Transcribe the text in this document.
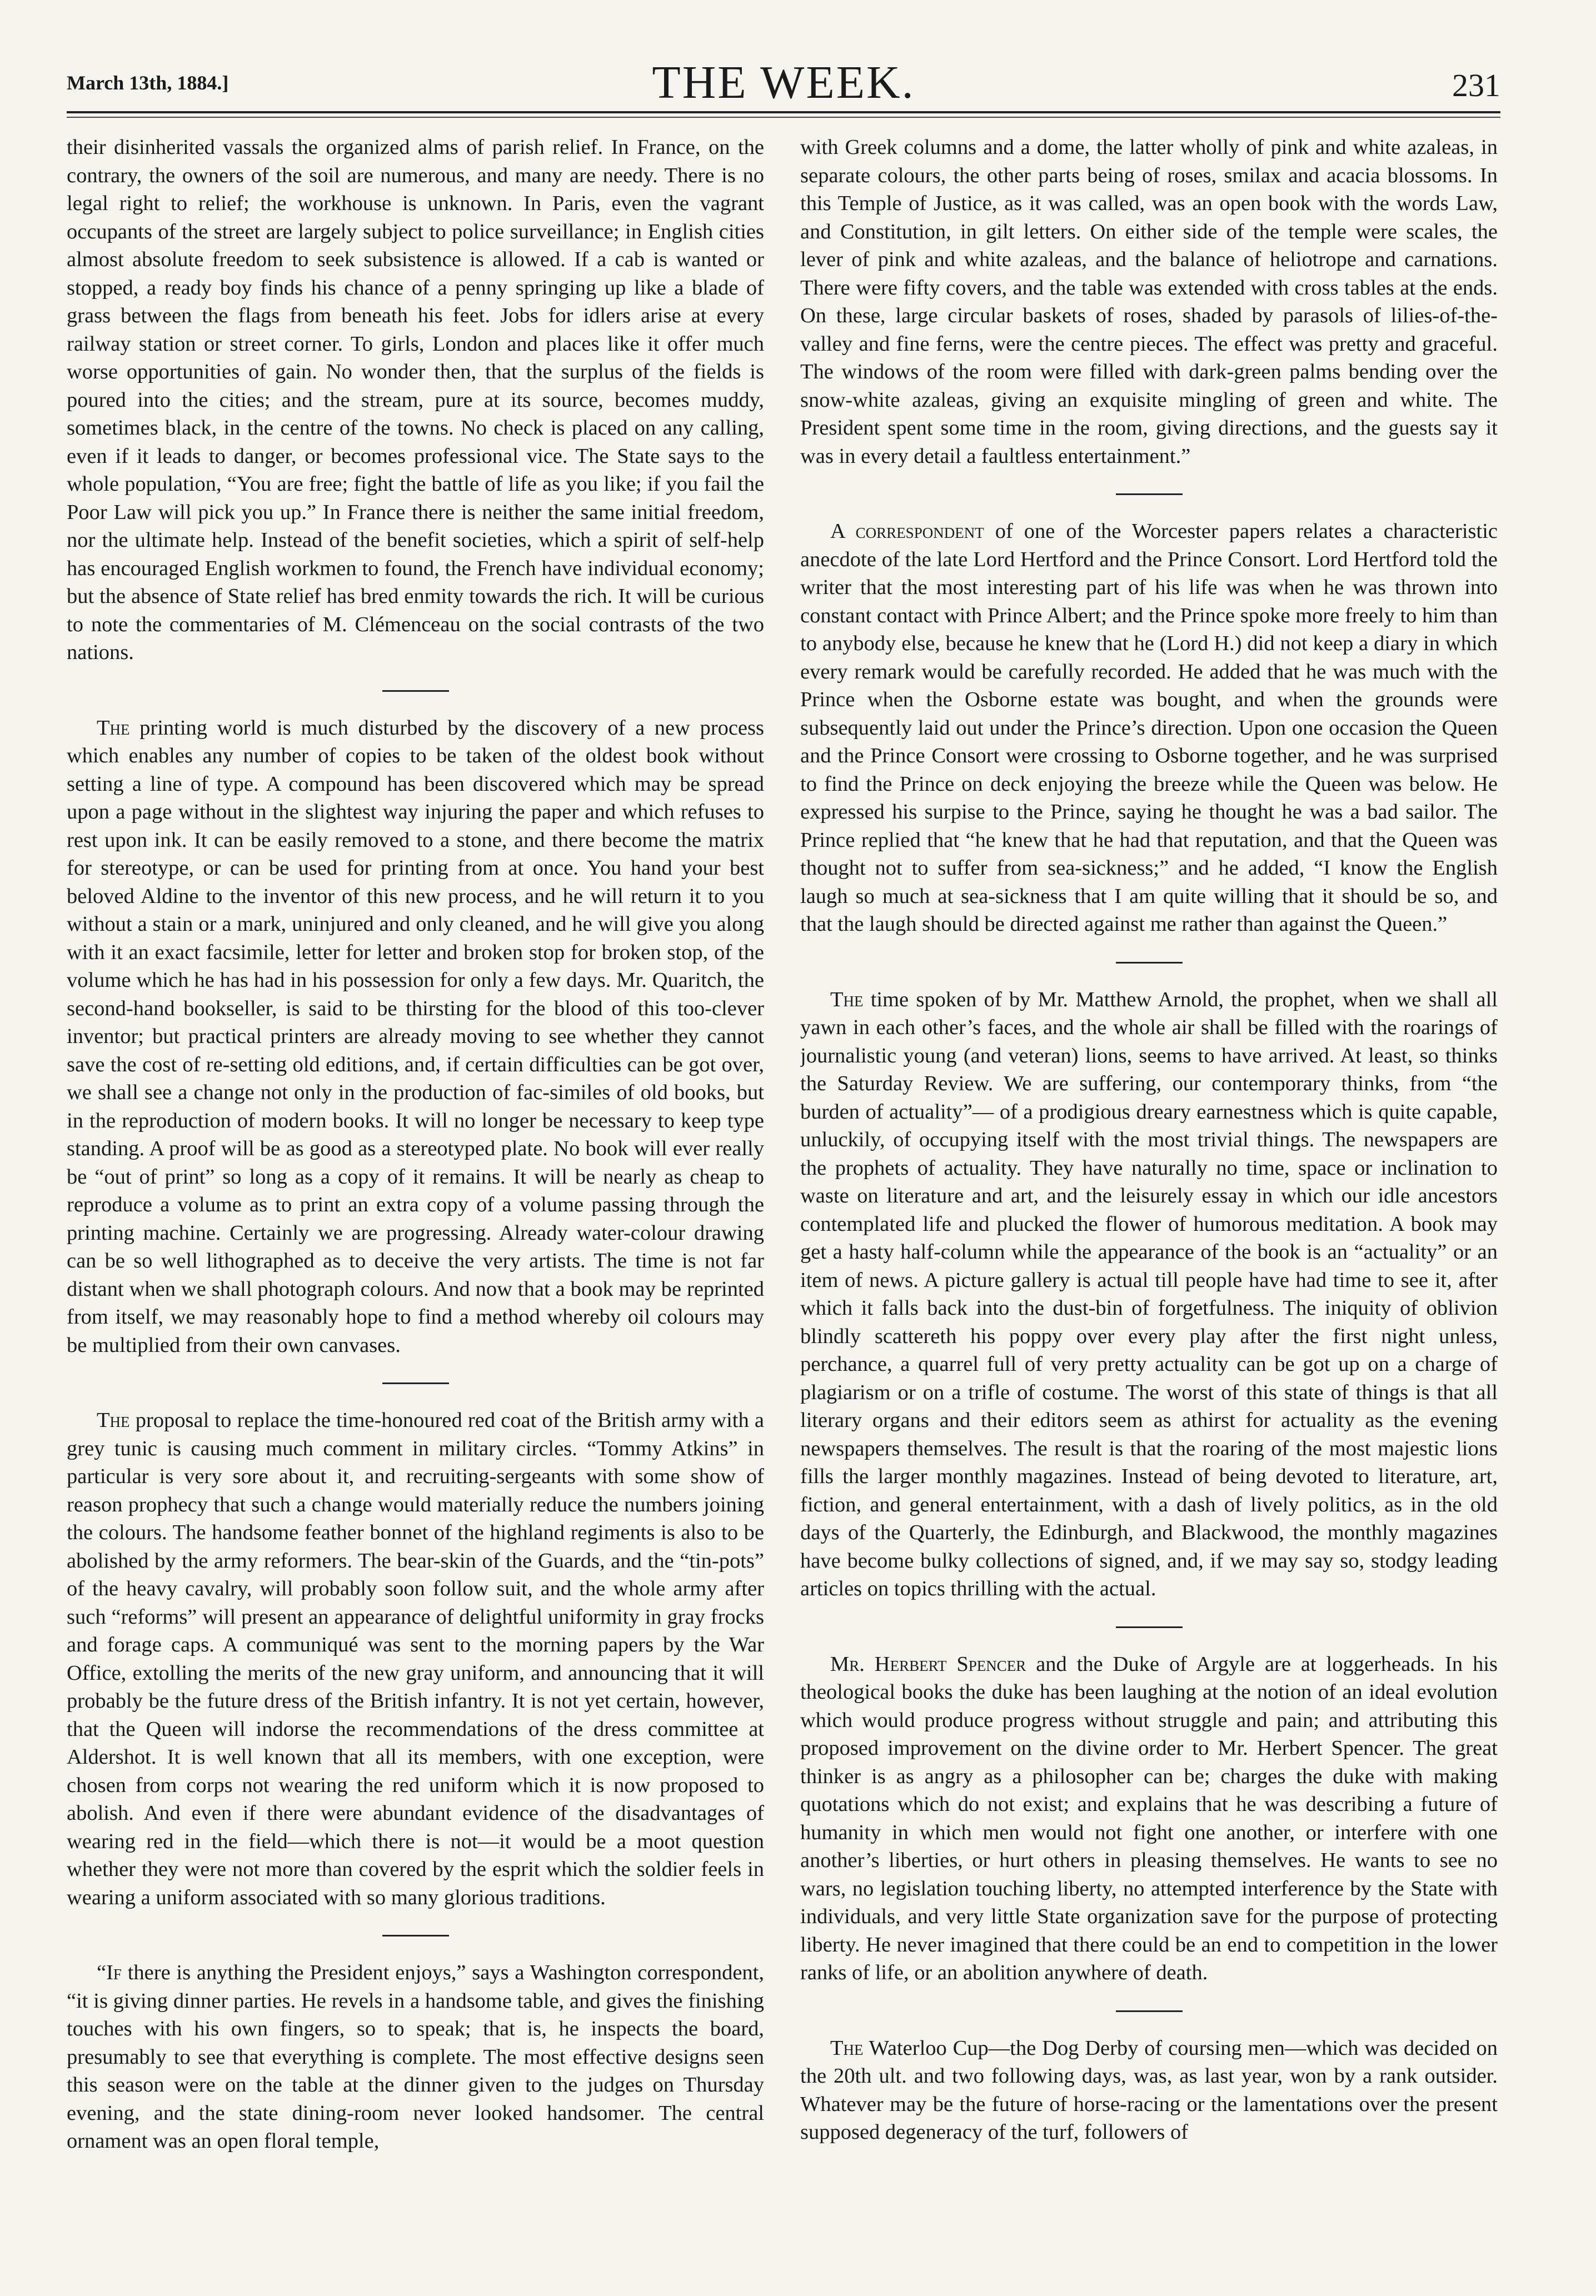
March 13th, 1884.]	THE WEEK.	231

their disinherited vassals the organized alms of parish relief. In France, on the contrary, the owners of the soil are numerous, and many are needy. There is no legal right to relief; the workhouse is unknown. In Paris, even the vagrant occupants of the street are largely subject to police surveillance; in English cities almost absolute freedom to seek subsistence is allowed. If a cab is wanted or stopped, a ready boy finds his chance of a penny springing up like a blade of grass between the flags from beneath his feet. Jobs for idlers arise at every railway station or street corner. To girls, London and places like it offer much worse opportunities of gain. No wonder then, that the surplus of the fields is poured into the cities; and the stream, pure at its source, becomes muddy, sometimes black, in the centre of the towns. No check is placed on any calling, even if it leads to danger, or becomes professional vice. The State says to the whole population, “You are free; fight the battle of life as you like; if you fail the Poor Law will pick you up.” In France there is neither the same initial freedom, nor the ultimate help. Instead of the benefit societies, which a spirit of self-help has encouraged English workmen to found, the French have individual economy; but the absence of State relief has bred enmity towards the rich. It will be curious to note the commentaries of M. Clémenceau on the social contrasts of the two nations.

The printing world is much disturbed by the discovery of a new process which enables any number of copies to be taken of the oldest book without setting a line of type. A compound has been discovered which may be spread upon a page without in the slightest way injuring the paper and which refuses to rest upon ink. It can be easily removed to a stone, and there become the matrix for stereotype, or can be used for printing from at once. You hand your best beloved Aldine to the inventor of this new process, and he will return it to you without a stain or a mark, uninjured and only cleaned, and he will give you along with it an exact facsimile, letter for letter and broken stop for broken stop, of the volume which he has had in his possession for only a few days. Mr. Quaritch, the second-hand bookseller, is said to be thirsting for the blood of this too-clever inventor; but practical printers are already moving to see whether they cannot save the cost of re-setting old editions, and, if certain difficulties can be got over, we shall see a change not only in the production of fac-similes of old books, but in the reproduction of modern books. It will no longer be necessary to keep type standing. A proof will be as good as a stereotyped plate. No book will ever really be “out of print” so long as a copy of it remains. It will be nearly as cheap to reproduce a volume as to print an extra copy of a volume passing through the printing machine. Certainly we are progressing. Already water-colour drawing can be so well lithographed as to deceive the very artists. The time is not far distant when we shall photograph colours. And now that a book may be reprinted from itself, we may reasonably hope to find a method whereby oil colours may be multiplied from their own canvases.

The proposal to replace the time-honoured red coat of the British army with a grey tunic is causing much comment in military circles. “Tommy Atkins” in particular is very sore about it, and recruiting-sergeants with some show of reason prophecy that such a change would materially reduce the numbers joining the colours. The handsome feather bonnet of the highland regiments is also to be abolished by the army reformers. The bear-skin of the Guards, and the “tin-pots” of the heavy cavalry, will probably soon follow suit, and the whole army after such “reforms” will present an appearance of delightful uniformity in gray frocks and forage caps. A communiqué was sent to the morning papers by the War Office, extolling the merits of the new gray uniform, and announcing that it will probably be the future dress of the British infantry. It is not yet certain, however, that the Queen will indorse the recommendations of the dress committee at Aldershot. It is well known that all its members, with one exception, were chosen from corps not wearing the red uniform which it is now proposed to abolish. And even if there were abundant evidence of the disadvantages of wearing red in the field—which there is not—it would be a moot question whether they were not more than covered by the esprit which the soldier feels in wearing a uniform associated with so many glorious traditions.

“If there is anything the President enjoys,” says a Washington correspondent, “it is giving dinner parties. He revels in a handsome table, and gives the finishing touches with his own fingers, so to speak; that is, he inspects the board, presumably to see that everything is complete. The most effective designs seen this season were on the table at the dinner given to the judges on Thursday evening, and the state dining-room never looked handsomer. The central ornament was an open floral temple,

with Greek columns and a dome, the latter wholly of pink and white azaleas, in separate colours, the other parts being of roses, smilax and acacia blossoms. In this Temple of Justice, as it was called, was an open book with the words Law, and Constitution, in gilt letters. On either side of the temple were scales, the lever of pink and white azaleas, and the balance of heliotrope and carnations. There were fifty covers, and the table was extended with cross tables at the ends. On these, large circular baskets of roses, shaded by parasols of lilies-of-the-valley and fine ferns, were the centre pieces. The effect was pretty and graceful. The windows of the room were filled with dark-green palms bending over the snow-white azaleas, giving an exquisite mingling of green and white. The President spent some time in the room, giving directions, and the guests say it was in every detail a faultless entertainment.”

A correspondent of one of the Worcester papers relates a characteristic anecdote of the late Lord Hertford and the Prince Consort. Lord Hertford told the writer that the most interesting part of his life was when he was thrown into constant contact with Prince Albert; and the Prince spoke more freely to him than to anybody else, because he knew that he (Lord H.) did not keep a diary in which every remark would be carefully recorded. He added that he was much with the Prince when the Osborne estate was bought, and when the grounds were subsequently laid out under the Prince’s direction. Upon one occasion the Queen and the Prince Consort were crossing to Osborne together, and he was surprised to find the Prince on deck enjoying the breeze while the Queen was below. He expressed his surpise to the Prince, saying he thought he was a bad sailor. The Prince replied that “he knew that he had that reputation, and that the Queen was thought not to suffer from sea-sickness;” and he added, “I know the English laugh so much at sea-sickness that I am quite willing that it should be so, and that the laugh should be directed against me rather than against the Queen.”

The time spoken of by Mr. Matthew Arnold, the prophet, when we shall all yawn in each other’s faces, and the whole air shall be filled with the roarings of journalistic young (and veteran) lions, seems to have arrived. At least, so thinks the Saturday Review. We are suffering, our contemporary thinks, from “the burden of actuality”— of a prodigious dreary earnestness which is quite capable, unluckily, of occupying itself with the most trivial things. The newspapers are the prophets of actuality. They have naturally no time, space or inclination to waste on literature and art, and the leisurely essay in which our idle ancestors contemplated life and plucked the flower of humorous meditation. A book may get a hasty half-column while the appearance of the book is an “actuality” or an item of news. A picture gallery is actual till people have had time to see it, after which it falls back into the dust-bin of forgetfulness. The iniquity of oblivion blindly scattereth his poppy over every play after the first night unless, perchance, a quarrel full of very pretty actuality can be got up on a charge of plagiarism or on a trifle of costume. The worst of this state of things is that all literary organs and their editors seem as athirst for actuality as the evening newspapers themselves. The result is that the roaring of the most majestic lions fills the larger monthly magazines. Instead of being devoted to literature, art, fiction, and general entertainment, with a dash of lively politics, as in the old days of the Quarterly, the Edinburgh, and Blackwood, the monthly magazines have become bulky collections of signed, and, if we may say so, stodgy leading articles on topics thrilling with the actual.

Mr. Herbert Spencer and the Duke of Argyle are at loggerheads. In his theological books the duke has been laughing at the notion of an ideal evolution which would produce progress without struggle and pain; and attributing this proposed improvement on the divine order to Mr. Herbert Spencer. The great thinker is as angry as a philosopher can be; charges the duke with making quotations which do not exist; and explains that he was describing a future of humanity in which men would not fight one another, or interfere with one another’s liberties, or hurt others in pleasing themselves. He wants to see no wars, no legislation touching liberty, no attempted interference by the State with individuals, and very little State organization save for the purpose of protecting liberty. He never imagined that there could be an end to competition in the lower ranks of life, or an abolition anywhere of death.

The Waterloo Cup—the Dog Derby of coursing men—which was decided on the 20th ult. and two following days, was, as last year, won by a rank outsider. Whatever may be the future of horse-racing or the lamentations over the present supposed degeneracy of the turf, followers of
